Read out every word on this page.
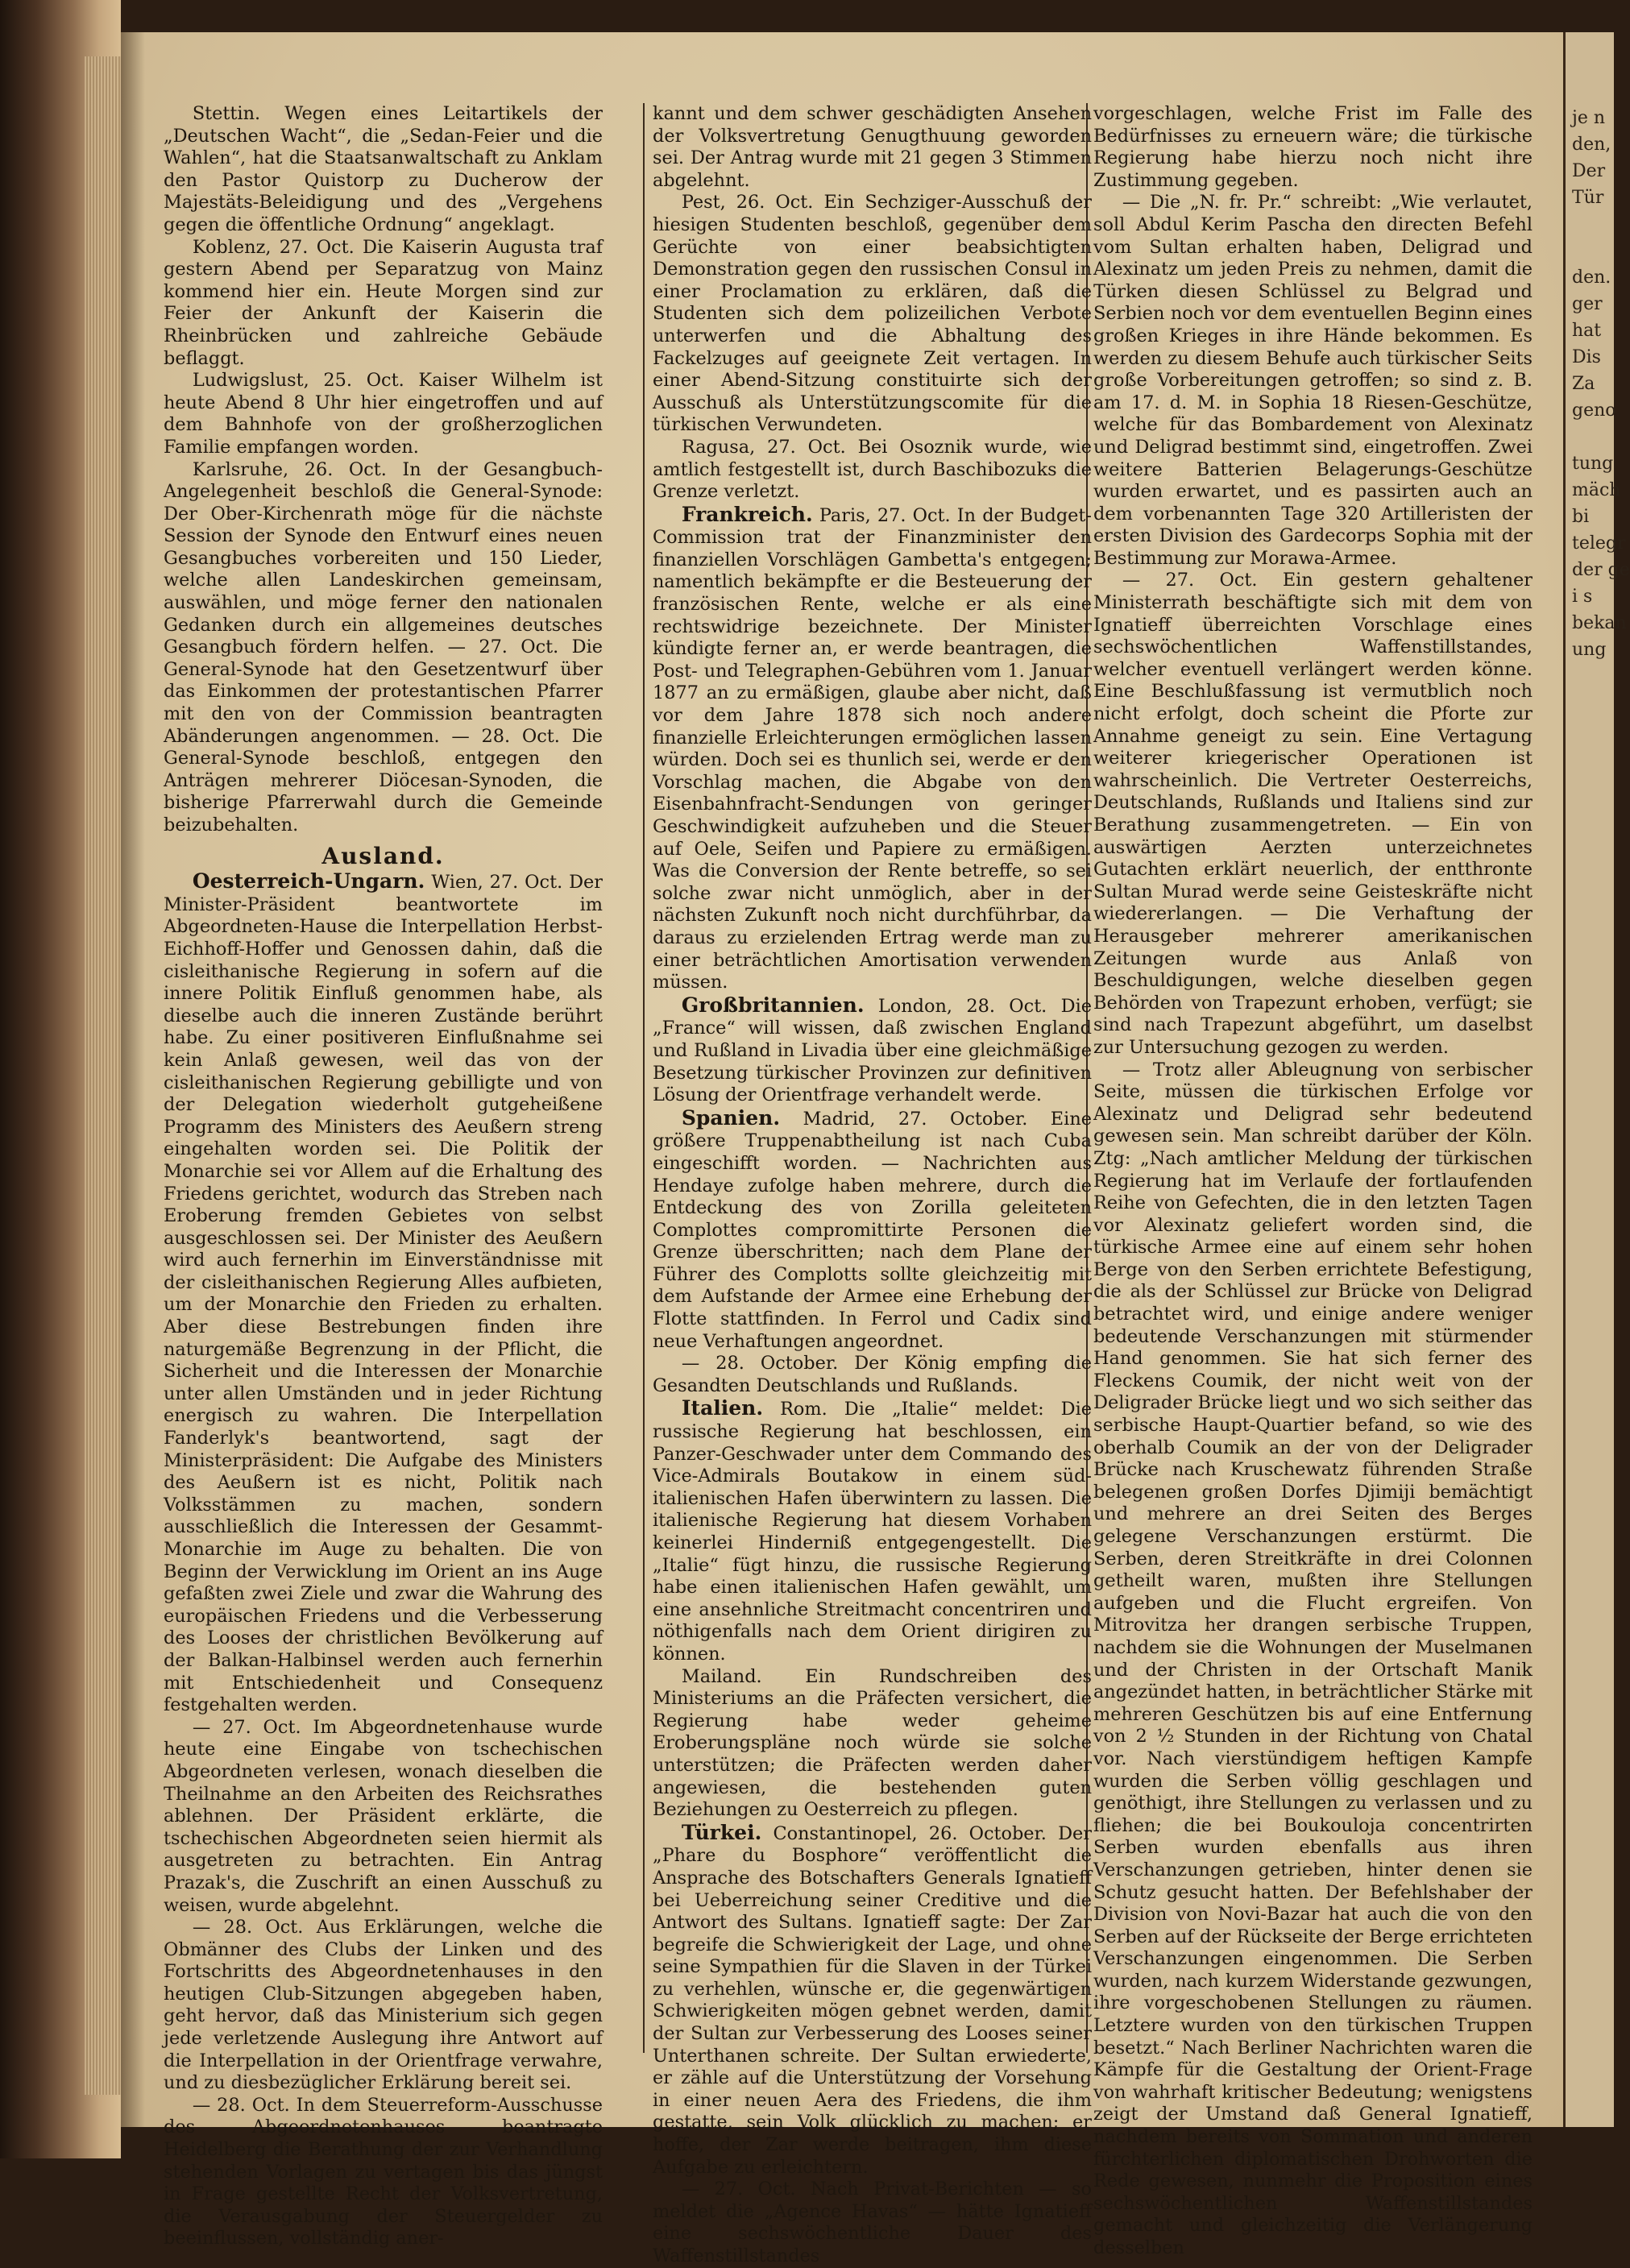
je n
den,
Der
Tür

den.
ger
hat
Dis
Za
geno

tung
mäch
bi
telegr
der ge
i s
bekan
ung

Stettin. Wegen eines Leitartikels der „Deutschen Wacht“, die „Sedan-Feier und die Wahlen“, hat die Staatsanwaltschaft zu Anklam den Pastor Quistorp zu Ducherow der Majestäts-Beleidigung und des „Vergehens gegen die öffentliche Ordnung“ angeklagt.

Koblenz, 27. Oct. Die Kaiserin Augusta traf gestern Abend per Separatzug von Mainz kommend hier ein. Heute Morgen sind zur Feier der Ankunft der Kaiserin die Rheinbrücken und zahlreiche Gebäude beflaggt.

Ludwigslust, 25. Oct. Kaiser Wilhelm ist heute Abend 8 Uhr hier eingetroffen und auf dem Bahnhofe von der großherzoglichen Familie empfangen worden.

Karlsruhe, 26. Oct. In der Gesangbuch-Angelegenheit beschloß die General-Synode: Der Ober-Kirchenrath möge für die nächste Session der Synode den Entwurf eines neuen Gesangbuches vorbereiten und 150 Lieder, welche allen Landeskirchen gemeinsam, auswählen, und möge ferner den nationalen Gedanken durch ein allgemeines deutsches Gesangbuch fördern helfen. — 27. Oct. Die General-Synode hat den Gesetzentwurf über das Einkommen der protestantischen Pfarrer mit den von der Commission beantragten Abänderungen angenommen. — 28. Oct. Die General-Synode beschloß, entgegen den Anträgen mehrerer Diöcesan-Synoden, die bisherige Pfarrerwahl durch die Gemeinde beizubehalten.

Ausland.

Oesterreich-Ungarn. Wien, 27. Oct. Der Minister-Präsident beantwortete im Abgeordneten-Hause die Interpellation Herbst-Eichhoff-Hoffer und Genossen dahin, daß die cisleithanische Regierung in sofern auf die innere Politik Einfluß genommen habe, als dieselbe auch die inneren Zustände berührt habe. Zu einer positiveren Einflußnahme sei kein Anlaß gewesen, weil das von der cisleithanischen Regierung gebilligte und von der Delegation wiederholt gutgeheißene Programm des Ministers des Aeußern streng eingehalten worden sei. Die Politik der Monarchie sei vor Allem auf die Erhaltung des Friedens gerichtet, wodurch das Streben nach Eroberung fremden Gebietes von selbst ausgeschlossen sei. Der Minister des Aeußern wird auch fernerhin im Einverständnisse mit der cisleithanischen Regierung Alles aufbieten, um der Monarchie den Frieden zu erhalten. Aber diese Bestrebungen finden ihre naturgemäße Begrenzung in der Pflicht, die Sicherheit und die Interessen der Monarchie unter allen Umständen und in jeder Richtung energisch zu wahren. Die Interpellation Fanderlyk's beantwortend, sagt der Ministerpräsident: Die Aufgabe des Ministers des Aeußern ist es nicht, Politik nach Volksstämmen zu machen, sondern ausschließlich die Interessen der Gesammt-Monarchie im Auge zu behalten. Die von Beginn der Verwicklung im Orient an ins Auge gefaßten zwei Ziele und zwar die Wahrung des europäischen Friedens und die Verbesserung des Looses der christlichen Bevölkerung auf der Balkan-Halbinsel werden auch fernerhin mit Entschiedenheit und Consequenz festgehalten werden.

— 27. Oct. Im Abgeordnetenhause wurde heute eine Eingabe von tschechischen Abgeordneten verlesen, wonach dieselben die Theilnahme an den Arbeiten des Reichsrathes ablehnen. Der Präsident erklärte, die tschechischen Abgeordneten seien hiermit als ausgetreten zu betrachten. Ein Antrag Prazak's, die Zuschrift an einen Ausschuß zu weisen, wurde abgelehnt.

— 28. Oct. Aus Erklärungen, welche die Obmänner des Clubs der Linken und des Fortschritts des Abgeordnetenhauses in den heutigen Club-Sitzungen abgegeben haben, geht hervor, daß das Ministerium sich gegen jede verletzende Auslegung ihre Antwort auf die Interpellation in der Orientfrage verwahre, und zu diesbezüglicher Erklärung bereit sei.

— 28. Oct. In dem Steuerreform-Ausschusse des Abgeordnetenhauses beantragte Heidelberg die Berathung der zur Verhandlung stehenden Vorlagen zu vertagen bis das jüngst in Frage gestellte Recht der Volksvertretung, die Verausgabung der Steuergelder zu beeinflussen, vollständig aner-

kannt und dem schwer geschädigten Ansehen der Volksvertretung Genugthuung geworden sei. Der Antrag wurde mit 21 gegen 3 Stimmen abgelehnt.

Pest, 26. Oct. Ein Sechziger-Ausschuß der hiesigen Studenten beschloß, gegenüber dem Gerüchte von einer beabsichtigten Demonstration gegen den russischen Consul in einer Proclamation zu erklären, daß die Studenten sich dem polizeilichen Verbote unterwerfen und die Abhaltung des Fackelzuges auf geeignete Zeit vertagen. In einer Abend-Sitzung constituirte sich der Ausschuß als Unterstützungscomite für die türkischen Verwundeten.

Ragusa, 27. Oct. Bei Osoznik wurde, wie amtlich festgestellt ist, durch Baschibozuks die Grenze verletzt.

Frankreich. Paris, 27. Oct. In der Budget-Commission trat der Finanzminister den finanziellen Vorschlägen Gambetta's entgegen; namentlich bekämpfte er die Besteuerung der französischen Rente, welche er als eine rechtswidrige bezeichnete. Der Minister kündigte ferner an, er werde beantragen, die Post- und Telegraphen-Gebühren vom 1. Januar 1877 an zu ermäßigen, glaube aber nicht, daß vor dem Jahre 1878 sich noch andere finanzielle Erleichterungen ermöglichen lassen würden. Doch sei es thunlich sei, werde er den Vorschlag machen, die Abgabe von den Eisenbahnfracht-Sendungen von geringer Geschwindigkeit aufzuheben und die Steuer auf Oele, Seifen und Papiere zu ermäßigen. Was die Conversion der Rente betreffe, so sei solche zwar nicht unmöglich, aber in der nächsten Zukunft noch nicht durchführbar, da daraus zu erzielenden Ertrag werde man zu einer beträchtlichen Amortisation verwenden müssen.

Großbritannien. London, 28. Oct. Die „France“ will wissen, daß zwischen England und Rußland in Livadia über eine gleichmäßige Besetzung türkischer Provinzen zur definitiven Lösung der Orientfrage verhandelt werde.

Spanien. Madrid, 27. October. Eine größere Truppenabtheilung ist nach Cuba eingeschifft worden. — Nachrichten aus Hendaye zufolge haben mehrere, durch die Entdeckung des von Zorilla geleiteten Complottes compromittirte Personen die Grenze überschritten; nach dem Plane der Führer des Complotts sollte gleichzeitig mit dem Aufstande der Armee eine Erhebung der Flotte stattfinden. In Ferrol und Cadix sind neue Verhaftungen angeordnet.

— 28. October. Der König empfing die Gesandten Deutschlands und Rußlands.

Italien. Rom. Die „Italie“ meldet: Die russische Regierung hat beschlossen, ein Panzer-Geschwader unter dem Commando des Vice-Admirals Boutakow in einem süd-italienischen Hafen überwintern zu lassen. Die italienische Regierung hat diesem Vorhaben keinerlei Hinderniß entgegengestellt. Die „Italie“ fügt hinzu, die russische Regierung habe einen italienischen Hafen gewählt, um eine ansehnliche Streitmacht concentriren und nöthigenfalls nach dem Orient dirigiren zu können.

Mailand. Ein Rundschreiben des Ministeriums an die Präfecten versichert, die Regierung habe weder geheime Eroberungspläne noch würde sie solche unterstützen; die Präfecten werden daher angewiesen, die bestehenden guten Beziehungen zu Oesterreich zu pflegen.

Türkei. Constantinopel, 26. October. Der „Phare du Bosphore“ veröffentlicht die Ansprache des Botschafters Generals Ignatieff bei Ueberreichung seiner Creditive und die Antwort des Sultans. Ignatieff sagte: Der Zar begreife die Schwierigkeit der Lage, und ohne seine Sympathien für die Slaven in der Türkei zu verhehlen, wünsche er, die gegenwärtigen Schwierigkeiten mögen gebnet werden, damit der Sultan zur Verbesserung des Looses seiner Unterthanen schreite. Der Sultan erwiederte, er zähle auf die Unterstützung der Vorsehung in einer neuen Aera des Friedens, die ihm gestatte, sein Volk glücklich zu machen; er hoffe, der Zar werde beitragen, ihm diese Aufgabe zu erleichtern.

— 27. Oct. Nach Privat-Berichten — so meldet die „Agence Havas“ — hätte Ignatieff eine sechswöchentliche Dauer des Waffenstillstandes

vorgeschlagen, welche Frist im Falle des Bedürfnisses zu erneuern wäre; die türkische Regierung habe hierzu noch nicht ihre Zustimmung gegeben.

— Die „N. fr. Pr.“ schreibt: „Wie verlautet, soll Abdul Kerim Pascha den directen Befehl vom Sultan erhalten haben, Deligrad und Alexinatz um jeden Preis zu nehmen, damit die Türken diesen Schlüssel zu Belgrad und Serbien noch vor dem eventuellen Beginn eines großen Krieges in ihre Hände bekommen. Es werden zu diesem Behufe auch türkischer Seits große Vorbereitungen getroffen; so sind z. B. am 17. d. M. in Sophia 18 Riesen-Geschütze, welche für das Bombardement von Alexinatz und Deligrad bestimmt sind, eingetroffen. Zwei weitere Batterien Belagerungs-Geschütze wurden erwartet, und es passirten auch an dem vorbenannten Tage 320 Artilleristen der ersten Division des Gardecorps Sophia mit der Bestimmung zur Morawa-Armee.

— 27. Oct. Ein gestern gehaltener Ministerrath beschäftigte sich mit dem von Ignatieff überreichten Vorschlage eines sechswöchentlichen Waffenstillstandes, welcher eventuell verlängert werden könne. Eine Beschlußfassung ist vermutblich noch nicht erfolgt, doch scheint die Pforte zur Annahme geneigt zu sein. Eine Vertagung weiterer kriegerischer Operationen ist wahrscheinlich. Die Vertreter Oesterreichs, Deutschlands, Rußlands und Italiens sind zur Berathung zusammengetreten. — Ein von auswärtigen Aerzten unterzeichnetes Gutachten erklärt neuerlich, der entthronte Sultan Murad werde seine Geisteskräfte nicht wiedererlangen. — Die Verhaftung der Herausgeber mehrerer amerikanischen Zeitungen wurde aus Anlaß von Beschuldigungen, welche dieselben gegen Behörden von Trapezunt erhoben, verfügt; sie sind nach Trapezunt abgeführt, um daselbst zur Untersuchung gezogen zu werden.

— Trotz aller Ableugnung von serbischer Seite, müssen die türkischen Erfolge vor Alexinatz und Deligrad sehr bedeutend gewesen sein. Man schreibt darüber der Köln. Ztg: „Nach amtlicher Meldung der türkischen Regierung hat im Verlaufe der fortlaufenden Reihe von Gefechten, die in den letzten Tagen vor Alexinatz geliefert worden sind, die türkische Armee eine auf einem sehr hohen Berge von den Serben errichtete Befestigung, die als der Schlüssel zur Brücke von Deligrad betrachtet wird, und einige andere weniger bedeutende Verschanzungen mit stürmender Hand genommen. Sie hat sich ferner des Fleckens Coumik, der nicht weit von der Deligrader Brücke liegt und wo sich seither das serbische Haupt-Quartier befand, so wie des oberhalb Coumik an der von der Deligrader Brücke nach Kruschewatz führenden Straße belegenen großen Dorfes Djimiji bemächtigt und mehrere an drei Seiten des Berges gelegene Verschanzungen erstürmt. Die Serben, deren Streitkräfte in drei Colonnen getheilt waren, mußten ihre Stellungen aufgeben und die Flucht ergreifen. Von Mitrovitza her drangen serbische Truppen, nachdem sie die Wohnungen der Muselmanen und der Christen in der Ortschaft Manik angezündet hatten, in beträchtlicher Stärke mit mehreren Geschützen bis auf eine Entfernung von 2 ½ Stunden in der Richtung von Chatal vor. Nach vierstündigem heftigen Kampfe wurden die Serben völlig geschlagen und genöthigt, ihre Stellungen zu verlassen und zu fliehen; die bei Boukouloja concentrirten Serben wurden ebenfalls aus ihren Verschanzungen getrieben, hinter denen sie Schutz gesucht hatten. Der Befehlshaber der Division von Novi-Bazar hat auch die von den Serben auf der Rückseite der Berge errichteten Verschanzungen eingenommen. Die Serben wurden, nach kurzem Widerstande gezwungen, ihre vorgeschobenen Stellungen zu räumen. Letztere wurden von den türkischen Truppen besetzt.“ Nach Berliner Nachrichten waren die Kämpfe für die Gestaltung der Orient-Frage von wahrhaft kritischer Bedeutung; wenigstens zeigt der Umstand daß General Ignatieff, nachdem bereits von Sommation und anderen fürchterlichen diplomatischen Drohworten die Rede gewesen, nunmehr die Proposition eines sechswöchentlichen Waffenstillstandes gemacht und gleichzeitig die Verlängerung desselben
